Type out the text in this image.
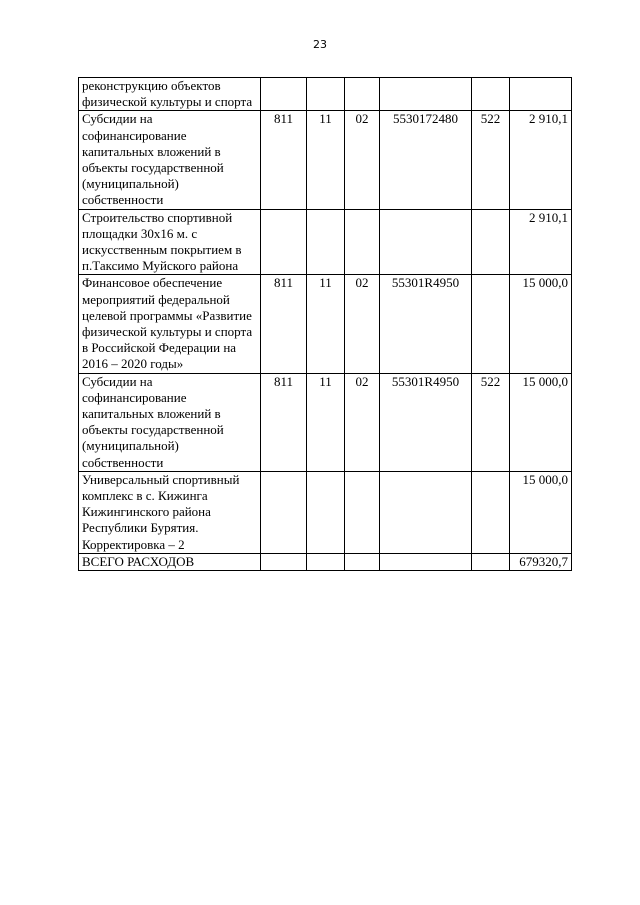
23
реконструкцию объектов физической культуры и спорта						
Субсидии на софинансирование капитальных вложений в объекты государственной (муниципальной) собственности	811	11	02	5530172480	522	2 910,1
Строительство спортивной площадки 30х16 м. с искусственным покрытием в п.Таксимо Муйского района						2 910,1
Финансовое обеспечение мероприятий федеральной целевой программы «Развитие физической культуры и спорта в Российской Федерации на 2016 – 2020 годы»	811	11	02	55301R4950		15 000,0
Субсидии на софинансирование капитальных вложений в объекты государственной (муниципальной) собственности	811	11	02	55301R4950	522	15 000,0
Универсальный спортивный комплекс в с. Кижинга Кижингинского района Республики Бурятия. Корректировка – 2						15 000,0
ВСЕГО РАСХОДОВ						679320,7
